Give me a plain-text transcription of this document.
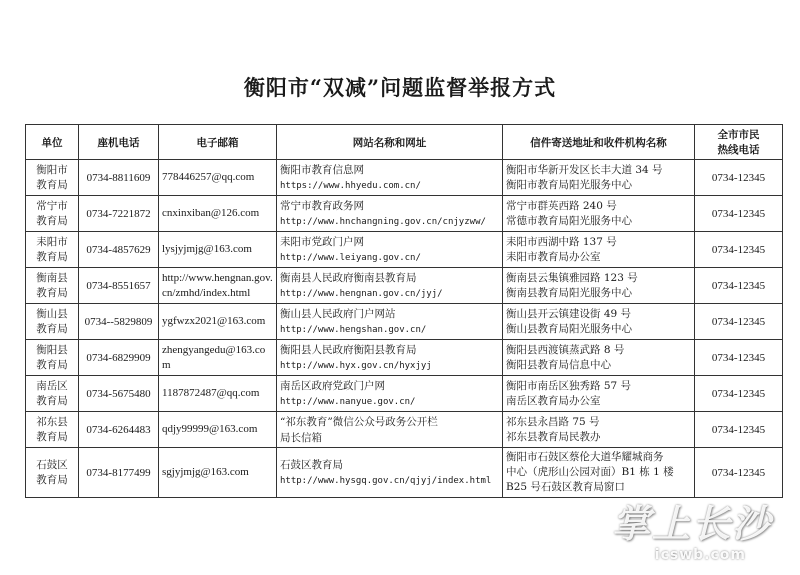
衡阳市“双减”问题监督举报方式
单位	座机电话	电子邮箱	网站名称和网址	信件寄送地址和收件机构名称	全市市民
热线电话

衡阳市
教育局	0734-8811609	778446257@qq.com	衡阳市教育信息网
https://www.hhyedu.com.cn/	衡阳市华新开发区长丰大道 34 号
衡阳市教育局阳光服务中心	0734-12345

常宁市
教育局	0734-7221872	cnxinxiban@126.com	常宁市教育政务网
http://www.hnchangning.gov.cn/cnjyzww/	常宁市群英西路 240 号
常德市教育局阳光服务中心	0734-12345

耒阳市
教育局	0734-4857629	lysjyjmjg@163.com	耒阳市党政门户网
http://www.leiyang.gov.cn/	耒阳市西湖中路 137 号
耒阳市教育局办公室	0734-12345

衡南县
教育局	0734-8551657	http://www.hengnan.gov.
cn/zmhd/index.html	衡南县人民政府衡南县教育局
http://www.hengnan.gov.cn/jyj/	衡南县云集镇雅园路 123 号
衡南县教育局阳光服务中心	0734-12345

衡山县
教育局	0734--5829809	ygfwzx2021@163.com	衡山县人民政府门户网站
http://www.hengshan.gov.cn/	衡山县开云镇建设街 49 号
衡山县教育局阳光服务中心	0734-12345

衡阳县
教育局	0734-6829909	zhengyangedu@163.com	衡阳县人民政府衡阳县教育局
http://www.hyx.gov.cn/hyxjyj	衡阳县西渡镇蒸武路 8 号
衡阳县教育局信息中心	0734-12345

南岳区
教育局	0734-5675480	1187872487@qq.com	南岳区政府党政门户网
http://www.nanyue.gov.cn/	衡阳市南岳区独秀路 57 号
南岳区教育局办公室	0734-12345

祁东县
教育局	0734-6264483	qdjy99999@163.com	“祁东教育”微信公众号政务公开栏
局长信箱	祁东县永昌路 75 号
祁东县教育局民教办	0734-12345

石鼓区
教育局	0734-8177499	sgjyjmjg@163.com	石鼓区教育局
http://www.hysgq.gov.cn/qjyj/index.html	衡阳市石鼓区蔡伦大道华耀城商务
中心（虎形山公园对面）B1 栋 1 楼
B25 号石鼓区教育局窗口	0734-12345
掌上长沙
icswb.com
